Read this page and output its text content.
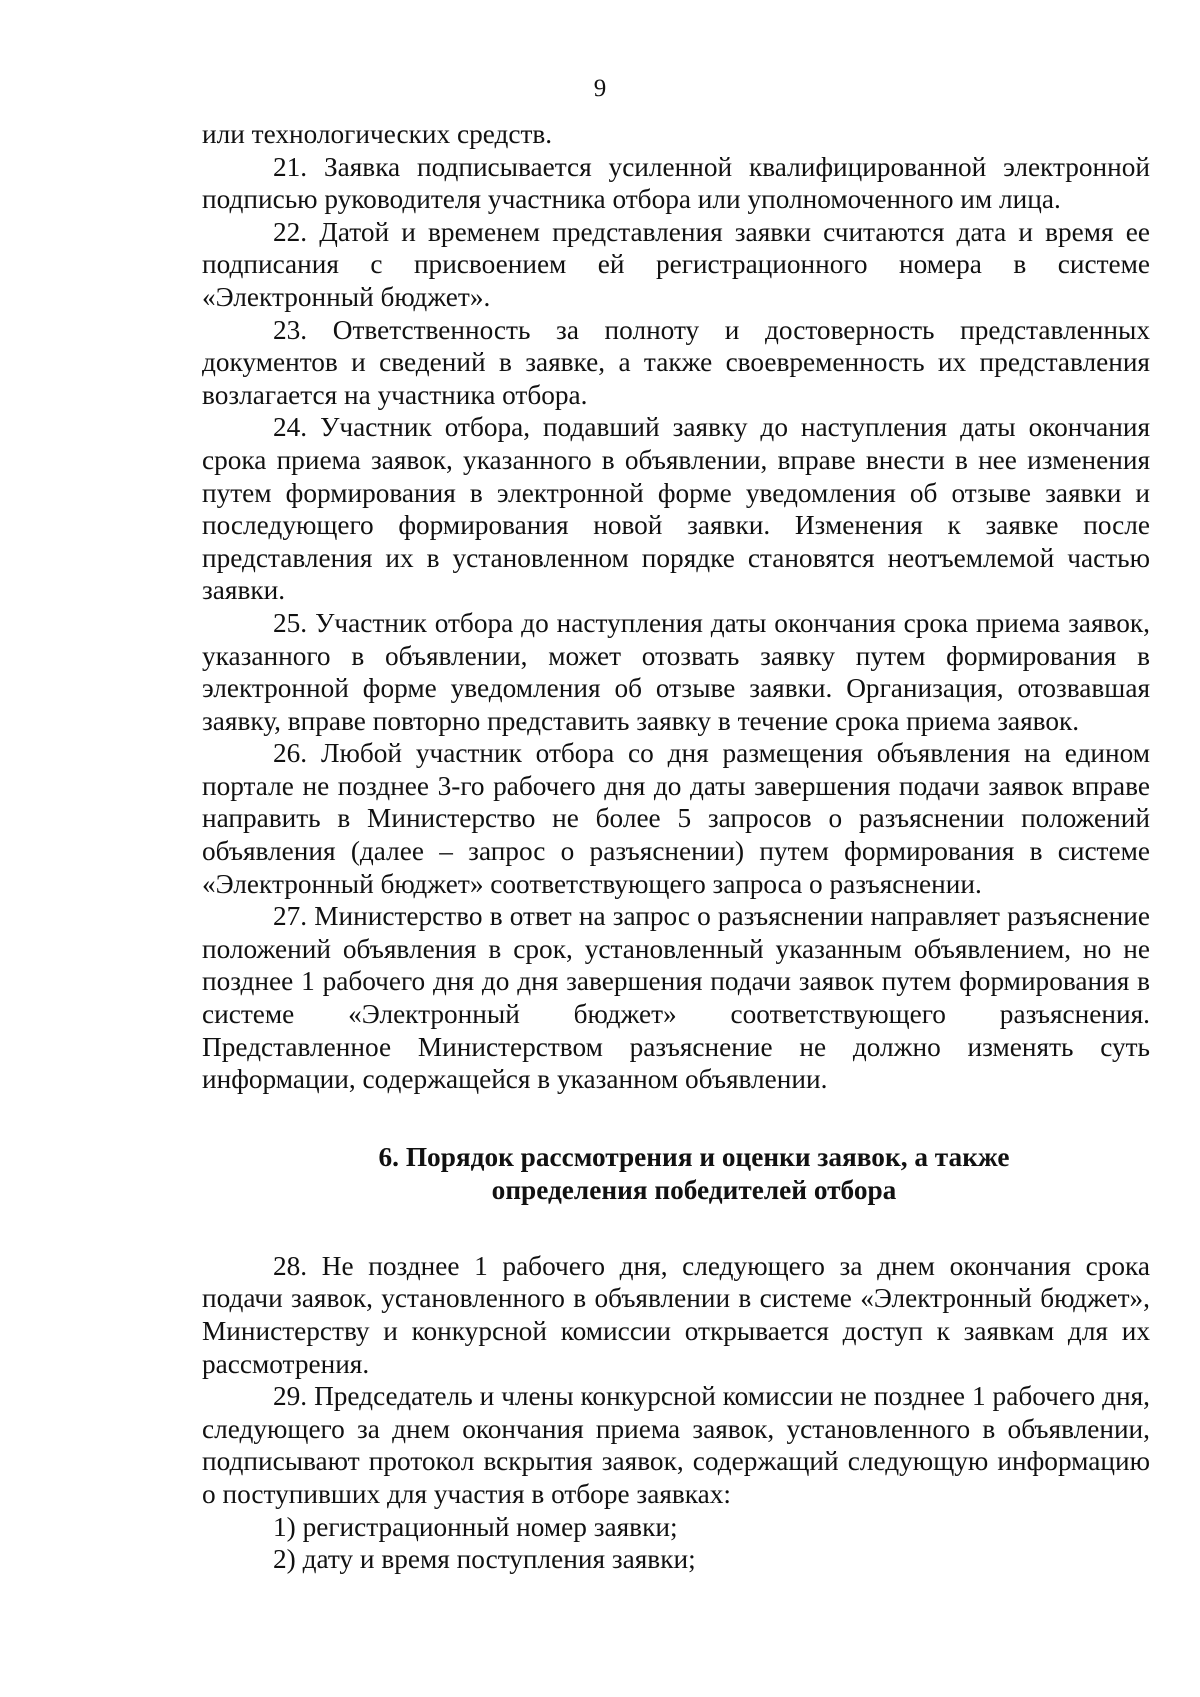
9

или технологических средств.

21. Заявка подписывается усиленной квалифицированной электронной подписью руководителя участника отбора или уполномоченного им лица.

22. Датой и временем представления заявки считаются дата и время ее подписания с присвоением ей регистрационного номера в системе «Электронный бюджет».

23. Ответственность за полноту и достоверность представленных документов и сведений в заявке, а также своевременность их представления возлагается на участника отбора.

24. Участник отбора, подавший заявку до наступления даты окончания срока приема заявок, указанного в объявлении, вправе внести в нее изменения путем формирования в электронной форме уведомления об отзыве заявки и последующего формирования новой заявки. Изменения к заявке после представления их в установленном порядке становятся неотъемлемой частью заявки.

25. Участник отбора до наступления даты окончания срока приема заявок, указанного в объявлении, может отозвать заявку путем формирования в электронной форме уведомления об отзыве заявки. Организация, отозвавшая заявку, вправе повторно представить заявку в течение срока приема заявок.

26. Любой участник отбора со дня размещения объявления на едином портале не позднее 3-го рабочего дня до даты завершения подачи заявок вправе направить в Министерство не более 5 запросов о разъяснении положений объявления (далее – запрос о разъяснении) путем формирования в системе «Электронный бюджет» соответствующего запроса о разъяснении.

27. Министерство в ответ на запрос о разъяснении направляет разъяснение положений объявления в срок, установленный указанным объявлением, но не позднее 1 рабочего дня до дня завершения подачи заявок путем формирования в системе «Электронный бюджет» соответствующего разъяснения. Представленное Министерством разъяснение не должно изменять суть информации, содержащейся в указанном объявлении.

6. Порядок рассмотрения и оценки заявок, а также
определения победителей отбора

28. Не позднее 1 рабочего дня, следующего за днем окончания срока подачи заявок, установленного в объявлении в системе «Электронный бюджет», Министерству и конкурсной комиссии открывается доступ к заявкам для их рассмотрения.

29. Председатель и члены конкурсной комиссии не позднее 1 рабочего дня, следующего за днем окончания приема заявок, установленного в объявлении, подписывают протокол вскрытия заявок, содержащий следующую информацию о поступивших для участия в отборе заявках:

1) регистрационный номер заявки;

2) дату и время поступления заявки;
